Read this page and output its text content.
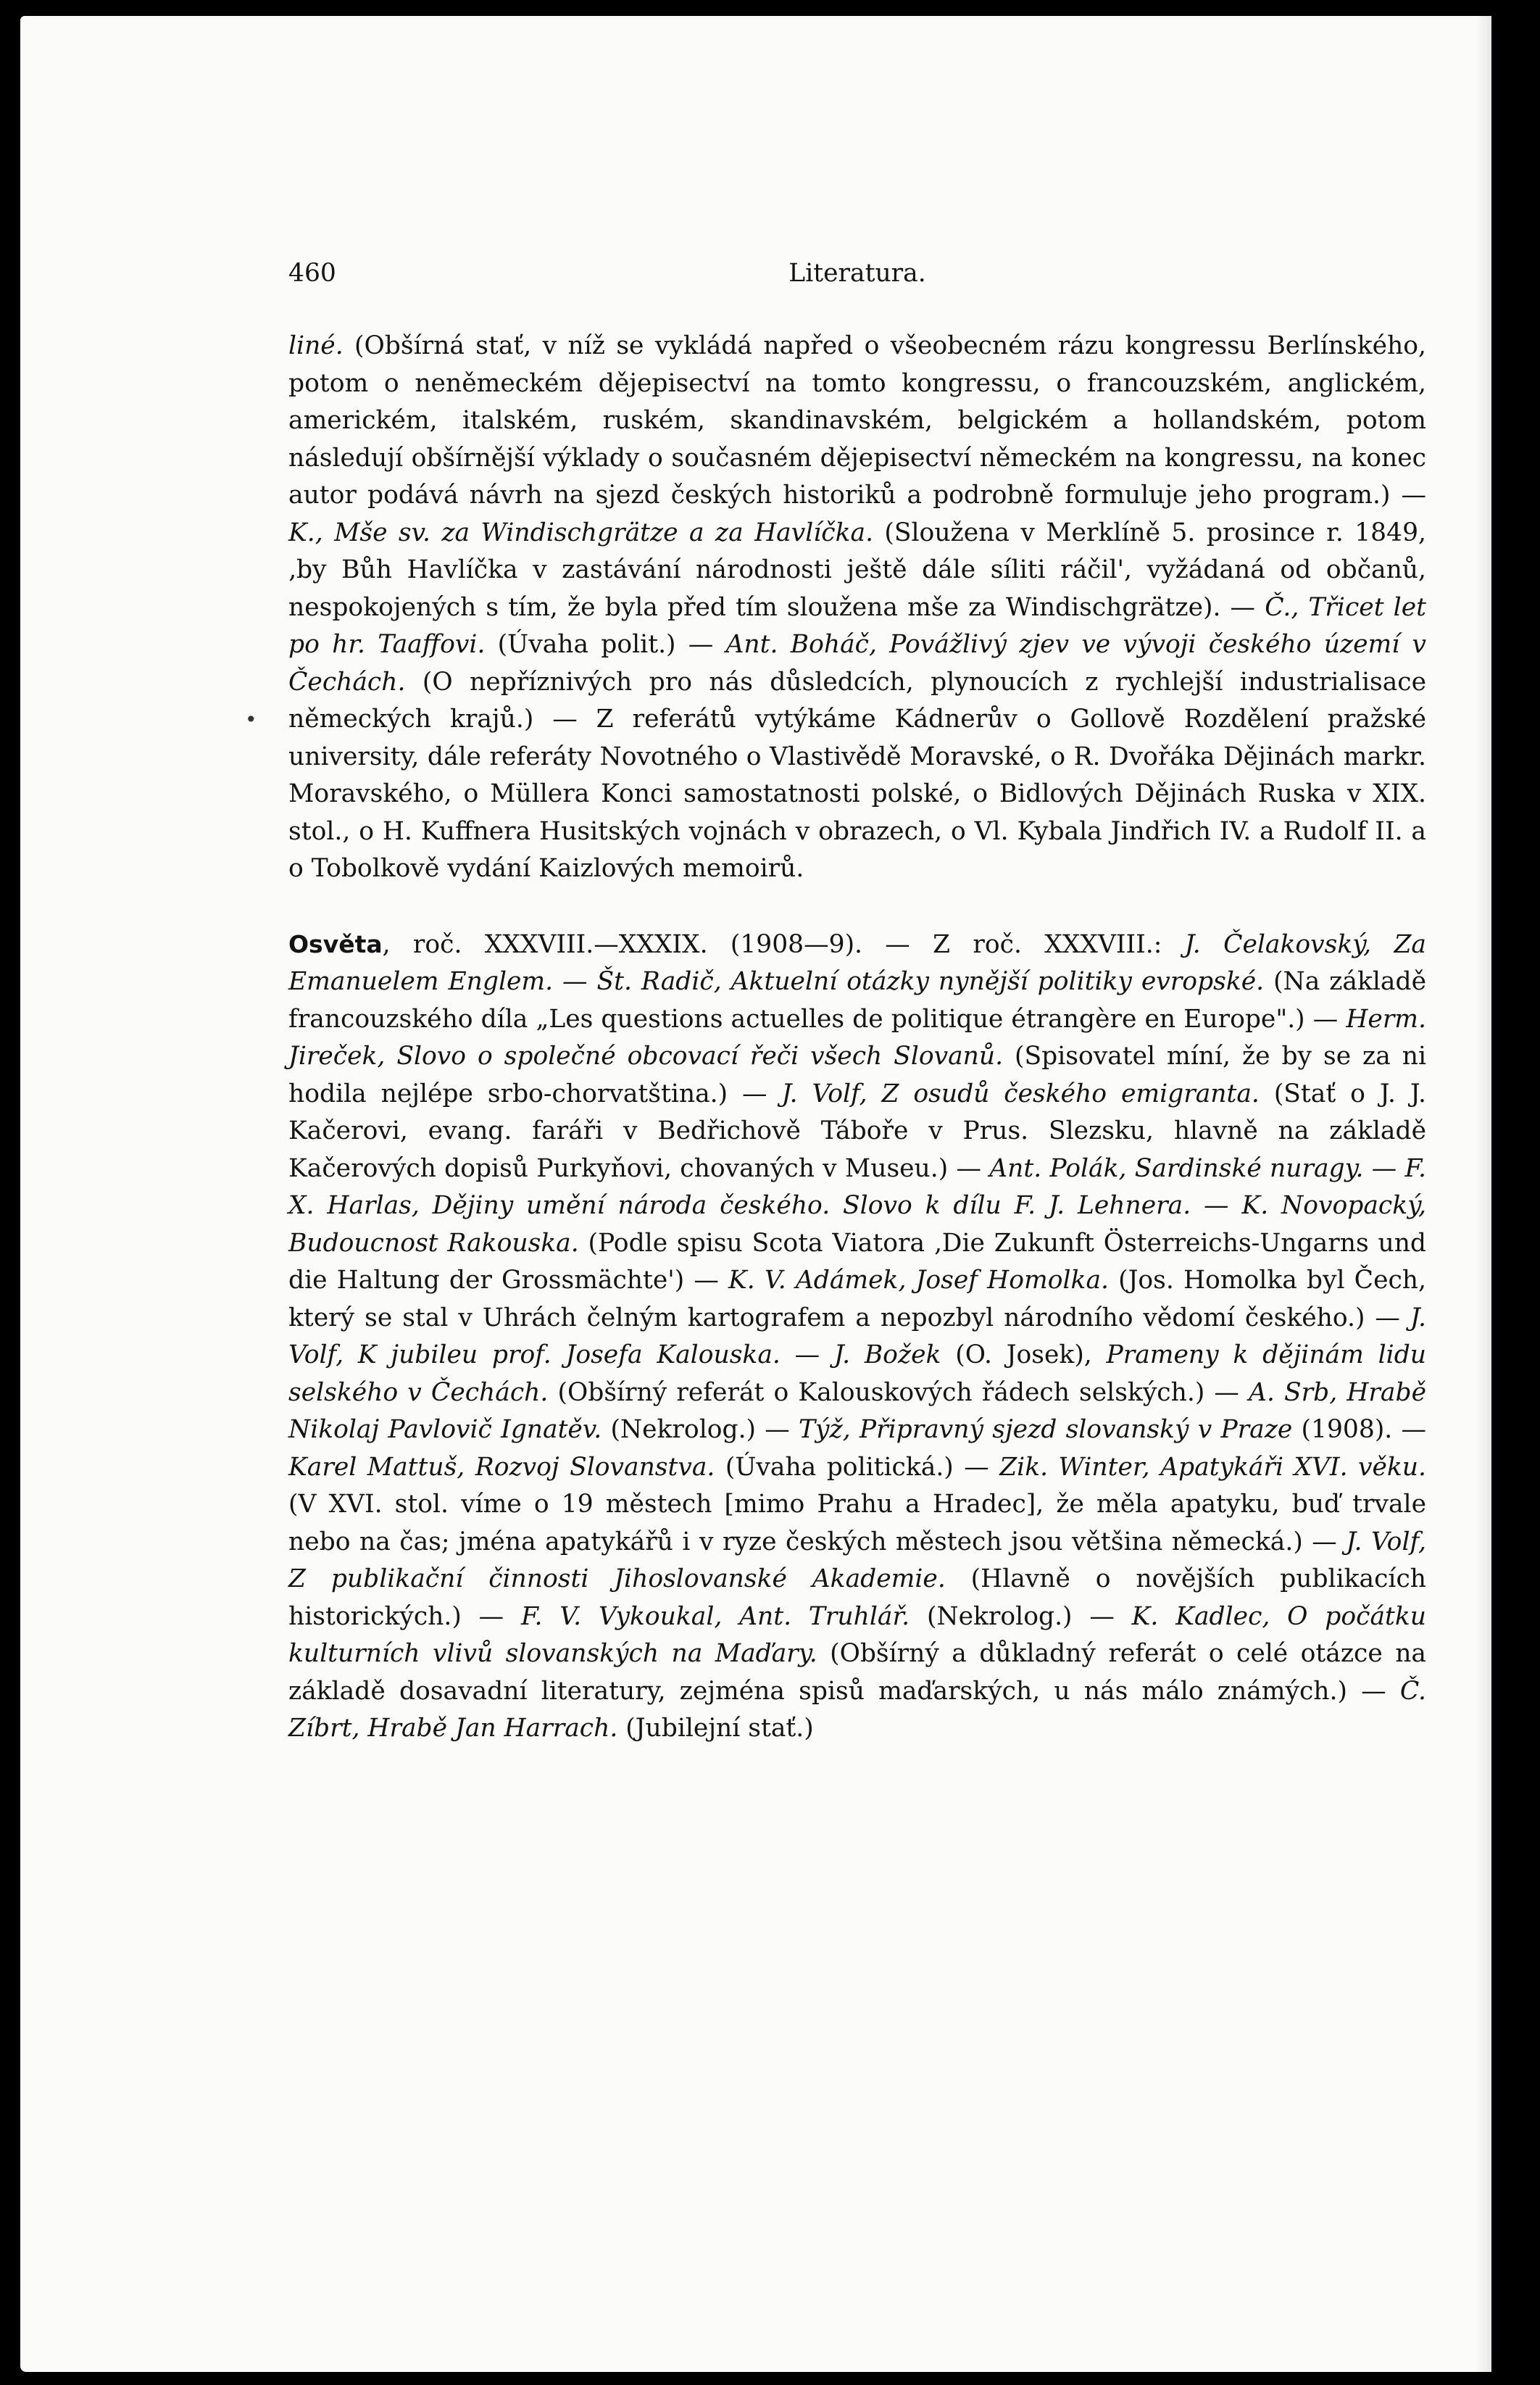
460	Literatura.
•

liné. (Obšírná stať, v níž se vykládá napřed o všeobecném rázu kongressu Berlínského, potom o neněmeckém dějepisectví na tomto kongressu, o francouzském, anglickém, americkém, italském, ruském, skandinavském, belgickém a hollandském, potom následují obšírnější výklady o současném dějepisectví německém na kongressu, na konec autor podává návrh na sjezd českých historiků a podrobně formuluje jeho program.) — K., Mše sv. za Windischgrätze a za Havlíčka. (Sloužena v Merklíně 5. prosince r. 1849, ‚by Bůh Havlíčka v zastávání národnosti ještě dále síliti ráčil', vyžádaná od občanů, nespokojených s tím, že byla před tím sloužena mše za Windischgrätze). — Č., Třicet let po hr. Taaffovi. (Úvaha polit.) — Ant. Boháč, Povážlivý zjev ve vývoji českého území v Čechách. (O nepříznivých pro nás důsledcích, plynoucích z rychlejší industrialisace německých krajů.) — Z referátů vytýkáme Kádnerův o Gollově Rozdělení pražské university, dále referáty Novotného o Vlastivědě Moravské, o R. Dvořáka Dějinách markr. Moravského, o Müllera Konci samostatnosti polské, o Bidlových Dějinách Ruska v XIX. stol., o H. Kuffnera Husitských vojnách v obrazech, o Vl. Kybala Jindřich IV. a Rudolf II. a o Tobolkově vydání Kaizlových memoirů.

Osvěta, roč. XXXVIII.—XXXIX. (1908—9). — Z roč. XXXVIII.: J. Čelakovský, Za Emanuelem Englem. — Št. Radič, Aktuelní otázky nynější politiky evropské. (Na základě francouzského díla „Les questions actuelles de politique étrangère en Europe".) — Herm. Jireček, Slovo o společné obcovací řeči všech Slovanů. (Spisovatel míní, že by se za ni hodila nejlépe srbo-chorvatština.) — J. Volf, Z osudů českého emigranta. (Stať o J. J. Kačerovi, evang. faráři v Bedřichově Táboře v Prus. Slezsku, hlavně na základě Kačerových dopisů Purkyňovi, chovaných v Museu.) — Ant. Polák, Sardinské nuragy. — F. X. Harlas, Dějiny umění národa českého. Slovo k dílu F. J. Lehnera. — K. Novopacký, Budoucnost Rakouska. (Podle spisu Scota Viatora ‚Die Zukunft Österreichs-Ungarns und die Haltung der Grossmächte') — K. V. Adámek, Josef Homolka. (Jos. Homolka byl Čech, který se stal v Uhrách čelným kartografem a nepozbyl národního vědomí českého.) — J. Volf, K jubileu prof. Josefa Kalouska. — J. Božek (O. Josek), Prameny k dějinám lidu selského v Čechách. (Obšírný referát o Kalouskových řádech selských.) — A. Srb, Hrabě Nikolaj Pavlovič Ignatěv. (Nekrolog.) — Týž, Připravný sjezd slovanský v Praze (1908). — Karel Mattuš, Rozvoj Slovanstva. (Úvaha politická.) — Zik. Winter, Apatykáři XVI. věku. (V XVI. stol. víme o 19 městech [mimo Prahu a Hradec], že měla apatyku, buď trvale nebo na čas; jména apatykářů i v ryze českých městech jsou většina německá.) — J. Volf, Z publikační činnosti Jihoslovanské Akademie. (Hlavně o novějších publikacích historických.) — F. V. Vykoukal, Ant. Truhlář. (Nekrolog.) — K. Kadlec, O počátku kulturních vlivů slovanských na Maďary. (Obšírný a důkladný referát o celé otázce na základě dosavadní literatury, zejména spisů maďarských, u nás málo známých.) — Č. Zíbrt, Hrabě Jan Harrach. (Jubilejní stať.)
